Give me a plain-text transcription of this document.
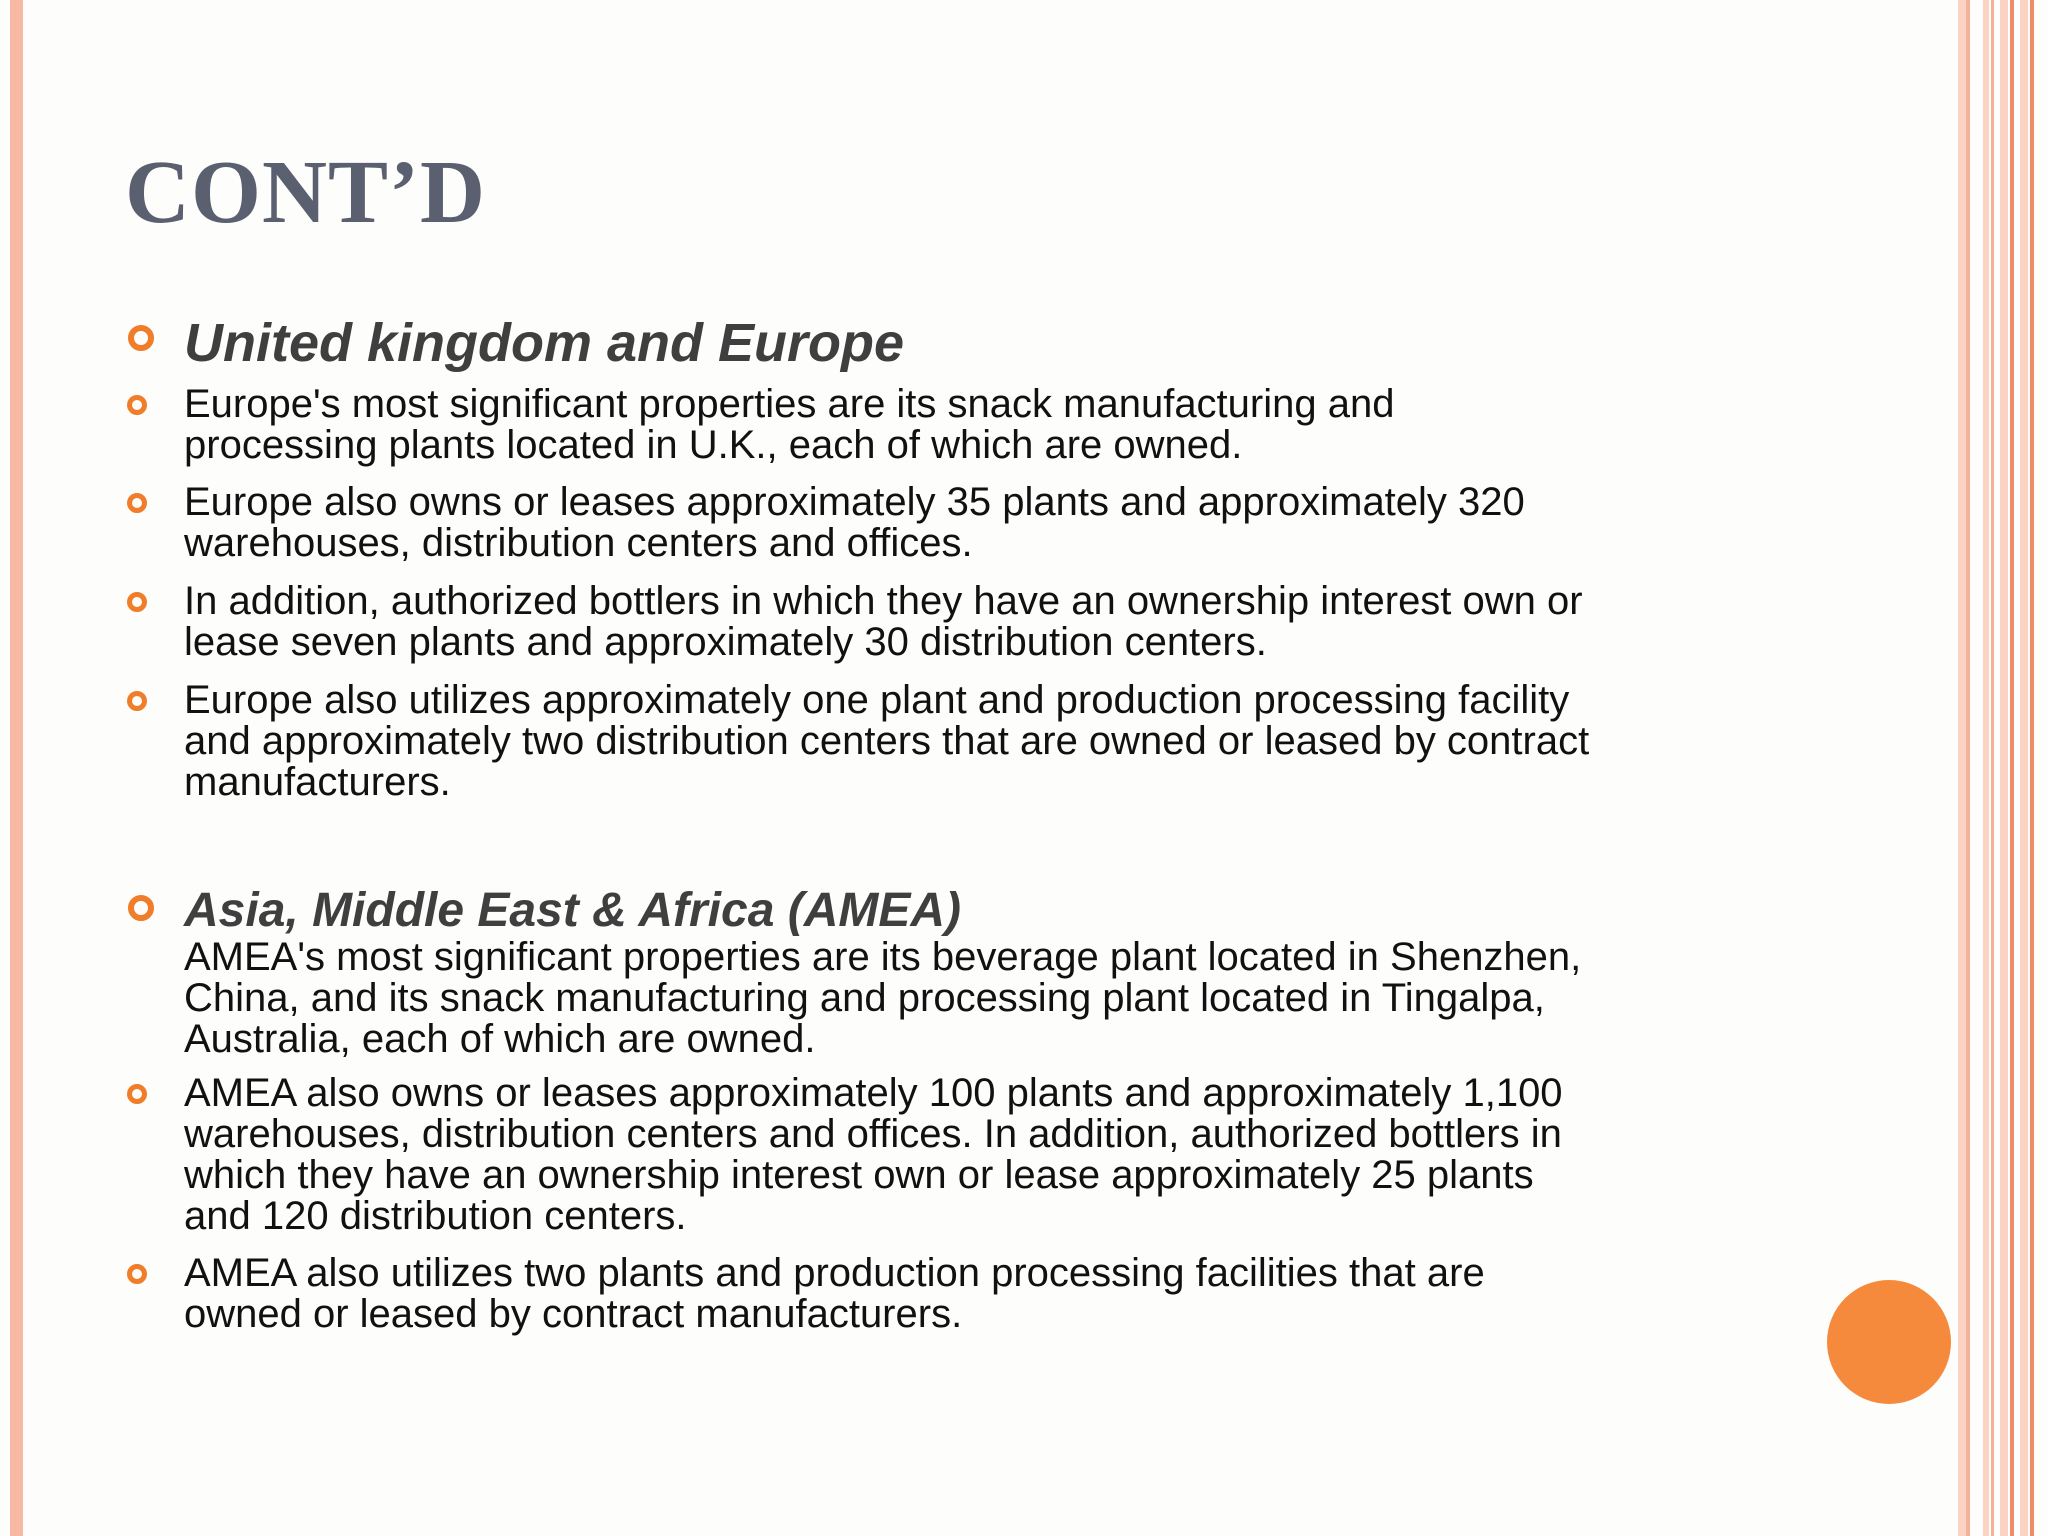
CONT’D
United kingdom and Europe
Europe's most significant properties are its snack manufacturing and
processing plants located in U.K., each of which are owned.
Europe also owns or leases approximately 35 plants and approximately 320
warehouses, distribution centers and offices.
In addition, authorized bottlers in which they have an ownership interest own or
lease seven plants and approximately 30 distribution centers.
Europe also utilizes approximately one plant and production processing facility
and approximately two distribution centers that are owned or leased by contract
manufacturers.
Asia, Middle East & Africa (AMEA)
AMEA's most significant properties are its beverage plant located in Shenzhen,
China, and its snack manufacturing and processing plant located in Tingalpa,
Australia, each of which are owned.
AMEA also owns or leases approximately 100 plants and approximately 1,100
warehouses, distribution centers and offices. In addition, authorized bottlers in
which they have an ownership interest own or lease approximately 25 plants
and 120 distribution centers.
AMEA also utilizes two plants and production processing facilities that are
owned or leased by contract manufacturers.
